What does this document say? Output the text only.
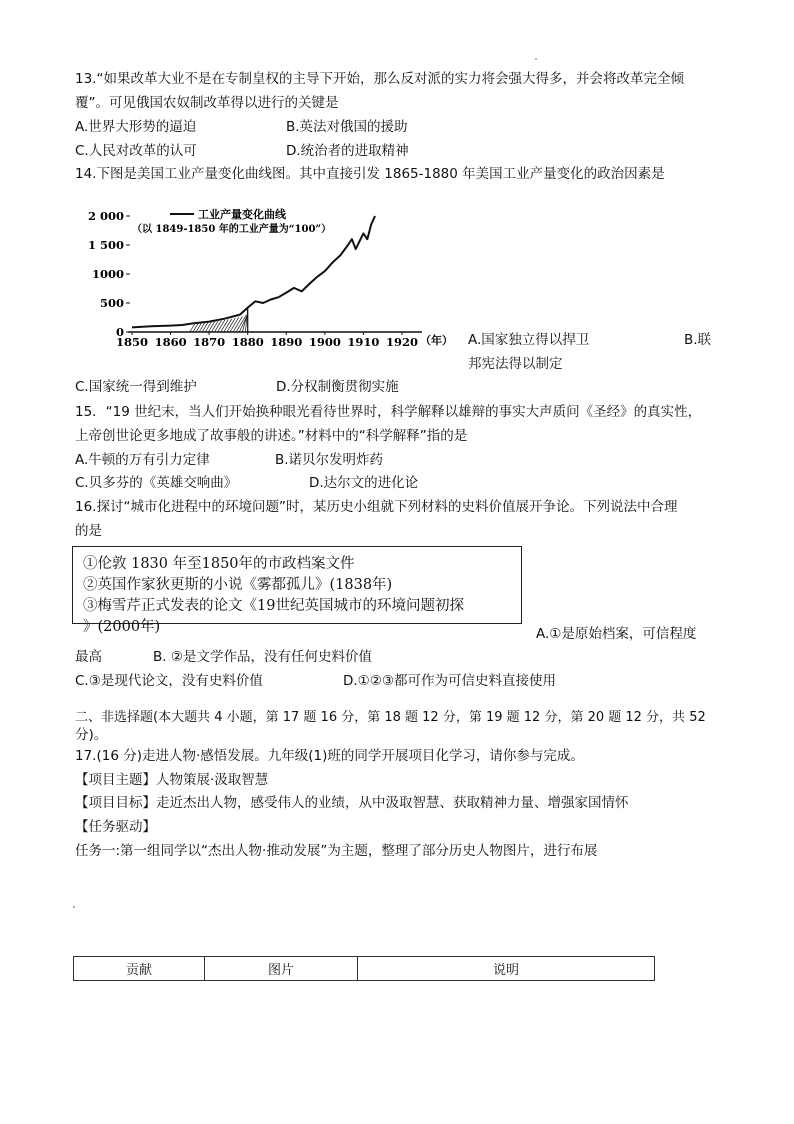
13.“如果改革大业不是在专制皇权的主导下开始，那么反对派的实力将会强大得多，并会将改革完全倾
覆”。可见俄国农奴制改革得以进行的关键是
A.世界大形势的逼迫	B.英法对俄国的援助
C.人民对改革的认可	D.统治者的进取精神
14.下图是美国工业产量变化曲线图。其中直接引发 1865-1880 年美国工业产量变化的政治因素是
0
500
1000
1 500
2 000
1850 1860 1870 1880 1890 1900 1910 1920
工业产量变化曲线
（以 1849-1850 年的工业产量为“100”）
（年） A.国家独立得以捍卫	B.联
邦宪法得以制定
C.国家统一得到维护	D.分权制衡贯彻实施
15．“19 世纪末，当人们开始换种眼光看待世界时，科学解释以雄辩的事实大声质问《圣经》的真实性，
上帝创世论更多地成了故事般的讲述。”材料中的“科学解释”指的是
A.牛顿的万有引力定律	B.诺贝尔发明炸药
C.贝多芬的《英雄交响曲》	D.达尔文的进化论
16.探讨“城市化进程中的环境问题”时，某历史小组就下列材料的史料价值展开争论。下列说法中合理
的是
①伦敦 1830 年至1850年的市政档案文件
②英国作家狄更斯的小说《雾都孤儿》(1838年)
③梅雪芹正式发表的论文《19世纪英国城市的环境问题初探
》(2000年)	A.①是原始档案，可信程度
最高	B. ②是文学作品，没有任何史料价值
C.③是现代论文，没有史料价值	D.①②③都可作为可信史料直接使用
二、非选择题(本大题共 4 小题，第 17 题 16 分，第 18 题 12 分，第 19 题 12 分，第 20 题 12 分，共 52
分)。
17.(16 分)走进人物·感悟发展。九年级(1)班的同学开展项目化学习，请你参与完成。
【项目主题】人物策展·汲取智慧
【项目目标】走近杰出人物，感受伟人的业绩，从中汲取智慧、获取精神力量、增强家国情怀
【任务驱动】
任务一:第一组同学以“杰出人物·推动发展”为主题，整理了部分历史人物图片，进行布展
贡献	图片	说明
